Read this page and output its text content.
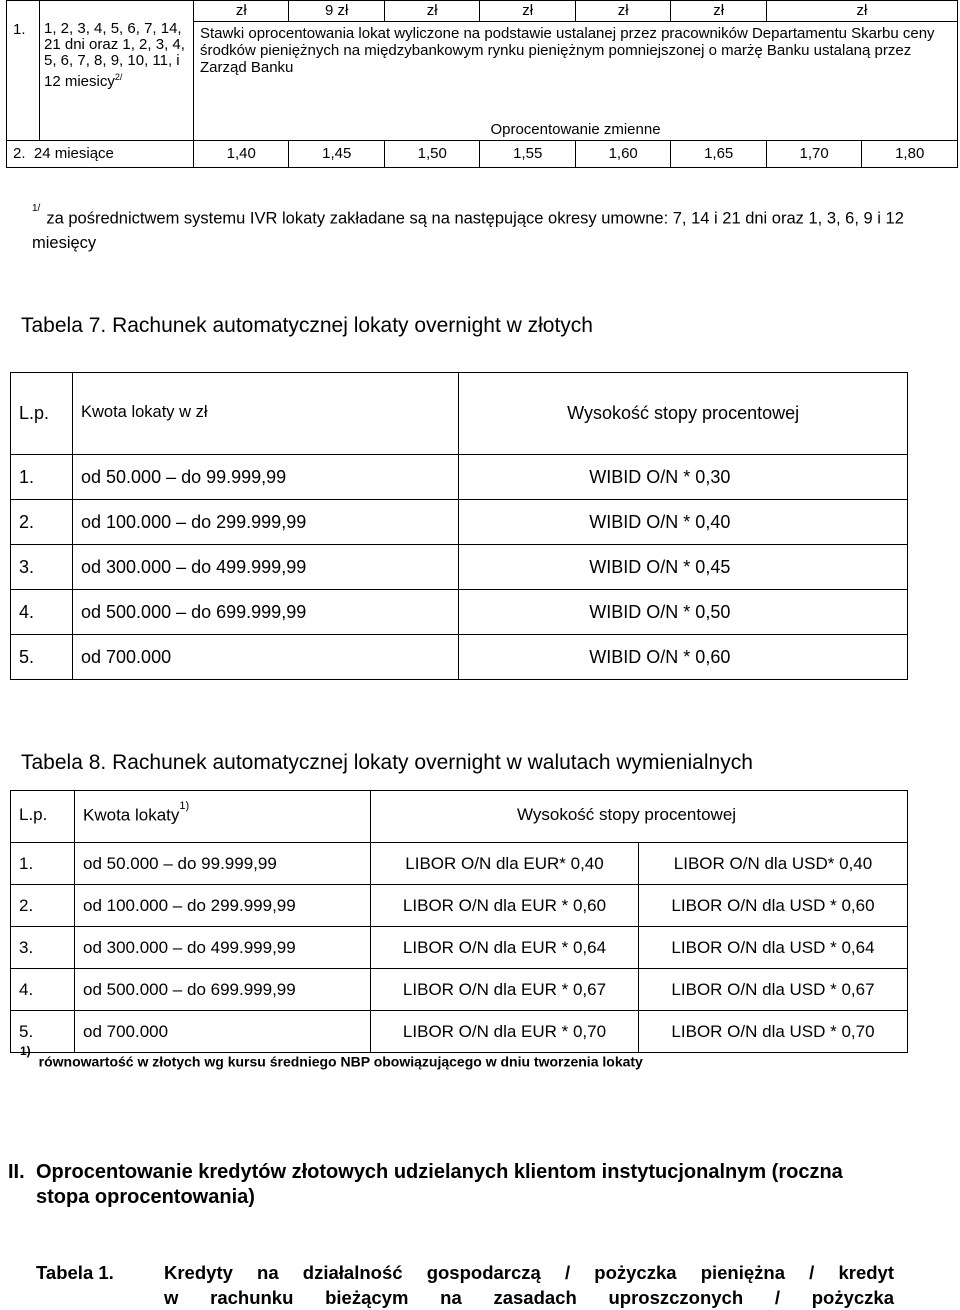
1.	1, 2, 3, 4, 5, 6, 7, 14, 21 dni oraz 1, 2, 3, 4, 5, 6, 7, 8, 9, 10, 11, i 12 miesicy$^{2/}$	zł	9 zł	zł	zł	zł	zł	zł	
		Stawki oprocentowania lokat wyliczone na podstawie ustalanej przez pracowników Departamentu Skarbu ceny środków pieniężnych na międzybankowym rynku pieniężnym pomniejszonej o marżę Banku ustalaną przez Zarząd Banku							
		Oprocentowanie zmienne							
2. 24 miesiące		1,40	1,45	1,50	1,55	1,60	1,65	1,70	1,80
$^{1/}$za pośrednictwem systemu IVR lokaty zakładane są na następujące okresy umowne: 7, 14 i 21 dni oraz 1, 3, 6, 9 i 12 miesięcy
Tabela 7. Rachunek automatycznej lokaty overnight w złotych
L.p.	Kwota lokaty w zł	Wysokość stopy procentowej
1.	od 50.000 – do 99.999,99	WIBID O/N * 0,30
2.	od 100.000 – do 299.999,99	WIBID O/N * 0,40
3.	od 300.000 – do 499.999,99	WIBID O/N * 0,45
4.	od 500.000 – do 699.999,99	WIBID O/N * 0,50
5.	od 700.000	WIBID O/N * 0,60
Tabela 8. Rachunek automatycznej lokaty overnight w walutach wymienialnych
L.p.	Kwota lokaty$^{1)}$	Wysokość stopy procentowej	
1.	od 50.000 – do 99.999,99	LIBOR O/N dla EUR* 0,40	LIBOR O/N dla USD* 0,40
2.	od 100.000 – do 299.999,99	LIBOR O/N dla EUR * 0,60	LIBOR O/N dla USD * 0,60
3.	od 300.000 – do 499.999,99	LIBOR O/N dla EUR * 0,64	LIBOR O/N dla USD * 0,64
4.	od 500.000 – do 699.999,99	LIBOR O/N dla EUR * 0,67	LIBOR O/N dla USD * 0,67
5.	od 700.000	LIBOR O/N dla EUR * 0,70	LIBOR O/N dla USD * 0,70
$^{1)}$równowartość w złotych wg kursu średniego NBP obowiązującego w dniu tworzenia lokaty
II. Oprocentowanie kredytów złotowych udzielanych klientom instytucjonalnym (roczna stopa oprocentowania)
Tabela 1.	Kredyty na działalność gospodarczą / pożyczka pieniężna / kredyt
w rachunku bieżącym na zasadach uproszczonych / pożyczka
